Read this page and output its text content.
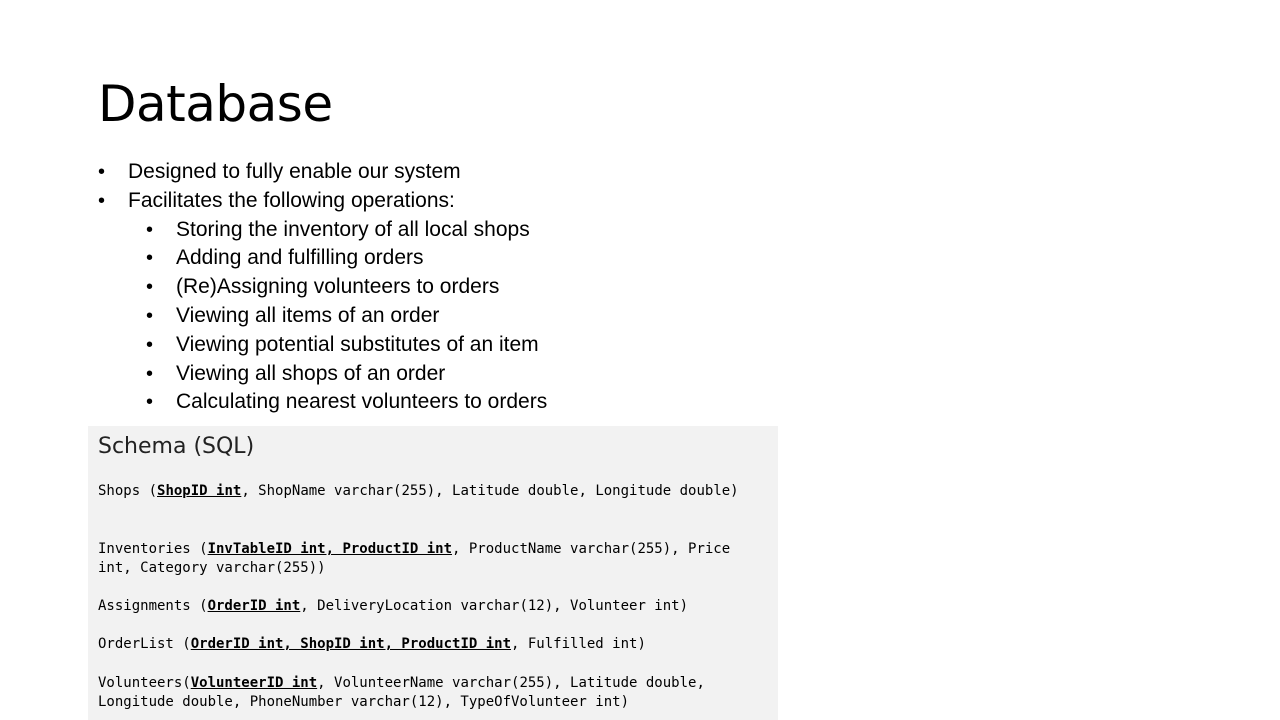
Database
•	Designed to fully enable our system
•	Facilitates the following operations:
•	Storing the inventory of all local shops
•	Adding and fulfilling orders
•	(Re)Assigning volunteers to orders
•	Viewing all items of an order
•	Viewing potential substitutes of an item
•	Viewing all shops of an order
•	Calculating nearest volunteers to orders
Schema (SQL)
Shops (ShopID int, ShopName varchar(255), Latitude double, Longitude double)
Inventories (InvTableID int, ProductID int, ProductName varchar(255), Price int, Category varchar(255))
Assignments (OrderID int, DeliveryLocation varchar(12), Volunteer int)
OrderList (OrderID int, ShopID int, ProductID int, Fulfilled int)
Volunteers(VolunteerID int, VolunteerName varchar(255), Latitude double, Longitude double, PhoneNumber varchar(12), TypeOfVolunteer int)
